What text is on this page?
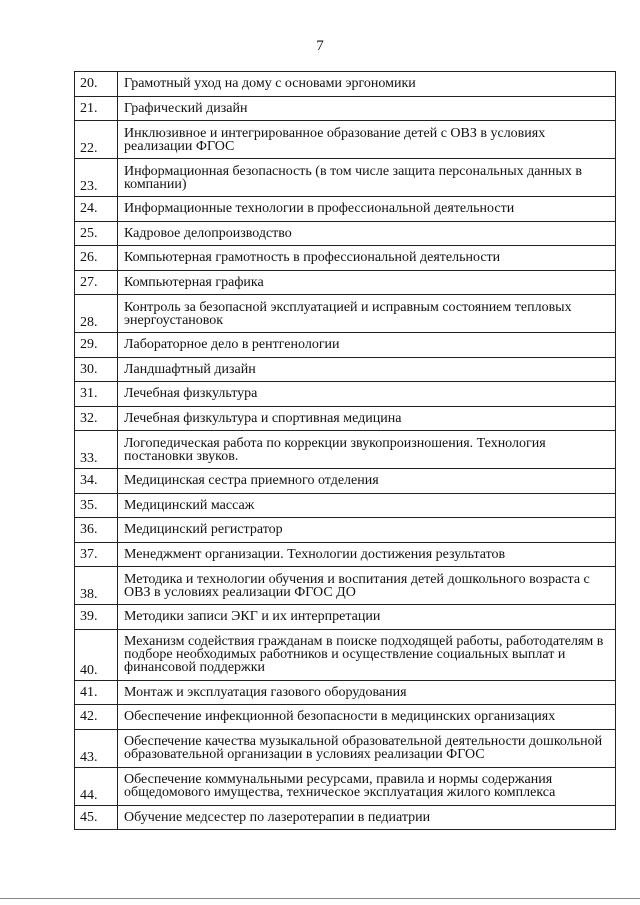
7
20.	Грамотный уход на дому с основами эргономики
21.	Графический дизайн
22.	Инклюзивное и интегрированное образование детей с ОВЗ в условиях реализации ФГОС
23.	Информационная безопасность (в том числе защита персональных данных в компании)
24.	Информационные технологии в профессиональной деятельности
25.	Кадровое делопроизводство
26.	Компьютерная грамотность в профессиональной деятельности
27.	Компьютерная графика
28.	Контроль за безопасной эксплуатацией и исправным состоянием тепловых энергоустановок
29.	Лабораторное дело в рентгенологии
30.	Ландшафтный дизайн
31.	Лечебная физкультура
32.	Лечебная физкультура и спортивная медицина
33.	Логопедическая работа по коррекции звукопроизношения. Технология постановки звуков.
34.	Медицинская сестра приемного отделения
35.	Медицинский массаж
36.	Медицинский регистратор
37.	Менеджмент организации. Технологии достижения результатов
38.	Методика и технологии обучения и воспитания детей дошкольного возраста с ОВЗ в условиях реализации ФГОС ДО
39.	Методики записи ЭКГ и их интерпретации
40.	Механизм содействия гражданам в поиске подходящей работы, работодателям в подборе необходимых работников и осуществление социальных выплат и финансовой поддержки
41.	Монтаж и эксплуатация газового оборудования
42.	Обеспечение инфекционной безопасности в медицинских организациях
43.	Обеспечение качества музыкальной образовательной деятельности дошкольной образовательной организации в условиях реализации ФГОС
44.	Обеспечение коммунальными ресурсами, правила и нормы содержания общедомового имущества, техническое эксплуатация жилого комплекса
45.	Обучение медсестер по лазеротерапии в педиатрии
